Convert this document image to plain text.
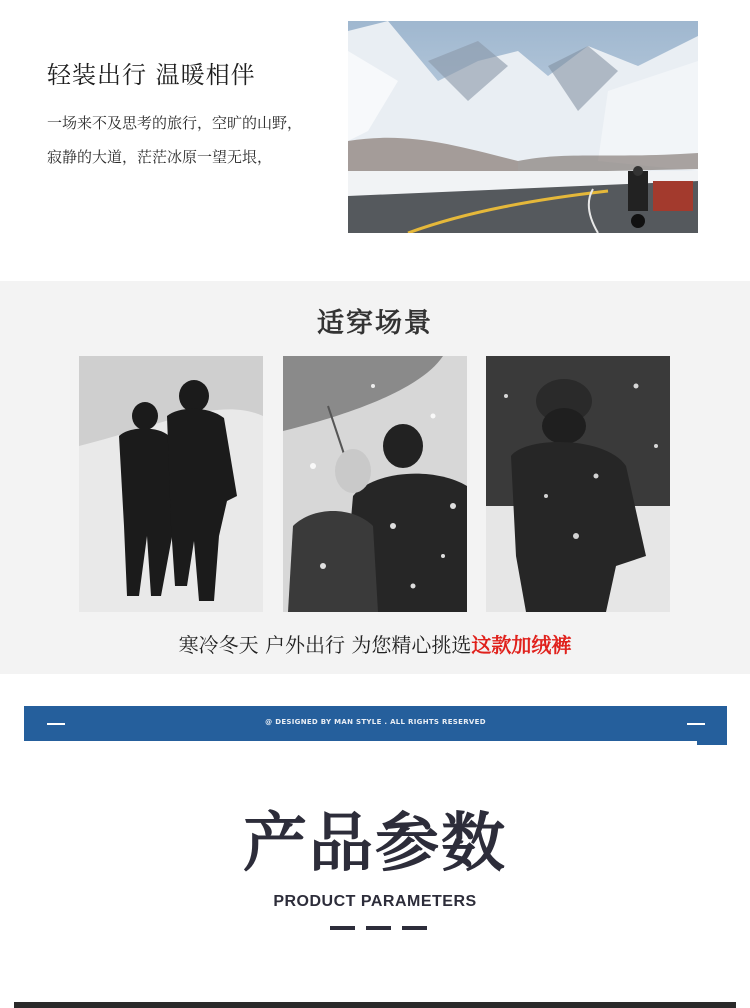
轻装出行 温暖相伴
一场来不及思考的旅行，空旷的山野，
寂静的大道，茫茫冰原一望无垠，
适穿场景
寒冷冬天 户外出行 为您精心挑选这款加绒裤
@ DESIGNED BY MAN STYLE . ALL RIGHTS RESERVED
产品参数
PRODUCT PARAMETERS
